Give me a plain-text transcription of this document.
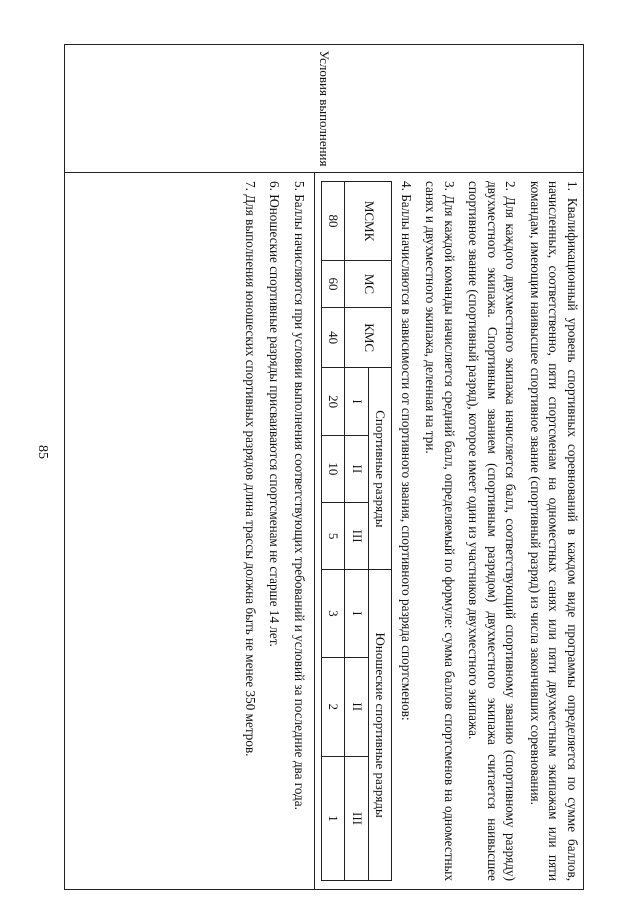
85
Условия выполнения

1. Квалификационный уровень спортивных соревнований в каждом виде программы определяется по сумме баллов, начисленных, соответственно, пяти спортсменам на одноместных санях или пяти двухместным экипажам или пяти командам, имеющим наивысшее спортивное звание (спортивный разряд) из числа закончивших соревнования.

2. Для каждого двухместного экипажа начисляется балл, соответствующий спортивному званию (спортивному разряду) двухместного экипажа. Спортивным званием (спортивным разрядом) двухместного экипажа считается наивысшее спортивное звание (спортивный разряд), которое имеет один из участников двухместного экипажа.

3. Для каждой команды начисляется средний балл, определяемый по формуле: сумма баллов спортсменов на одноместных санях и двухместного экипажа, деленная на три.

4. Баллы начисляются в зависимости от спортивного звания, спортивного разряда спортсменов:

МСМК	МС	КМС	Спортивные разряды			Юношеские спортивные разряды		
			I	II	III	I	II	III
80	60	40	20	10	5	3	2	1

5. Баллы начисляются при условии выполнения соответствующих требований и условий за последние два года.

6. Юношеские спортивные разряды присваиваются спортсменам не старше 14 лет.

7. Для выполнения юношеских спортивных разрядов длина трассы должна быть не менее 350 метров.
